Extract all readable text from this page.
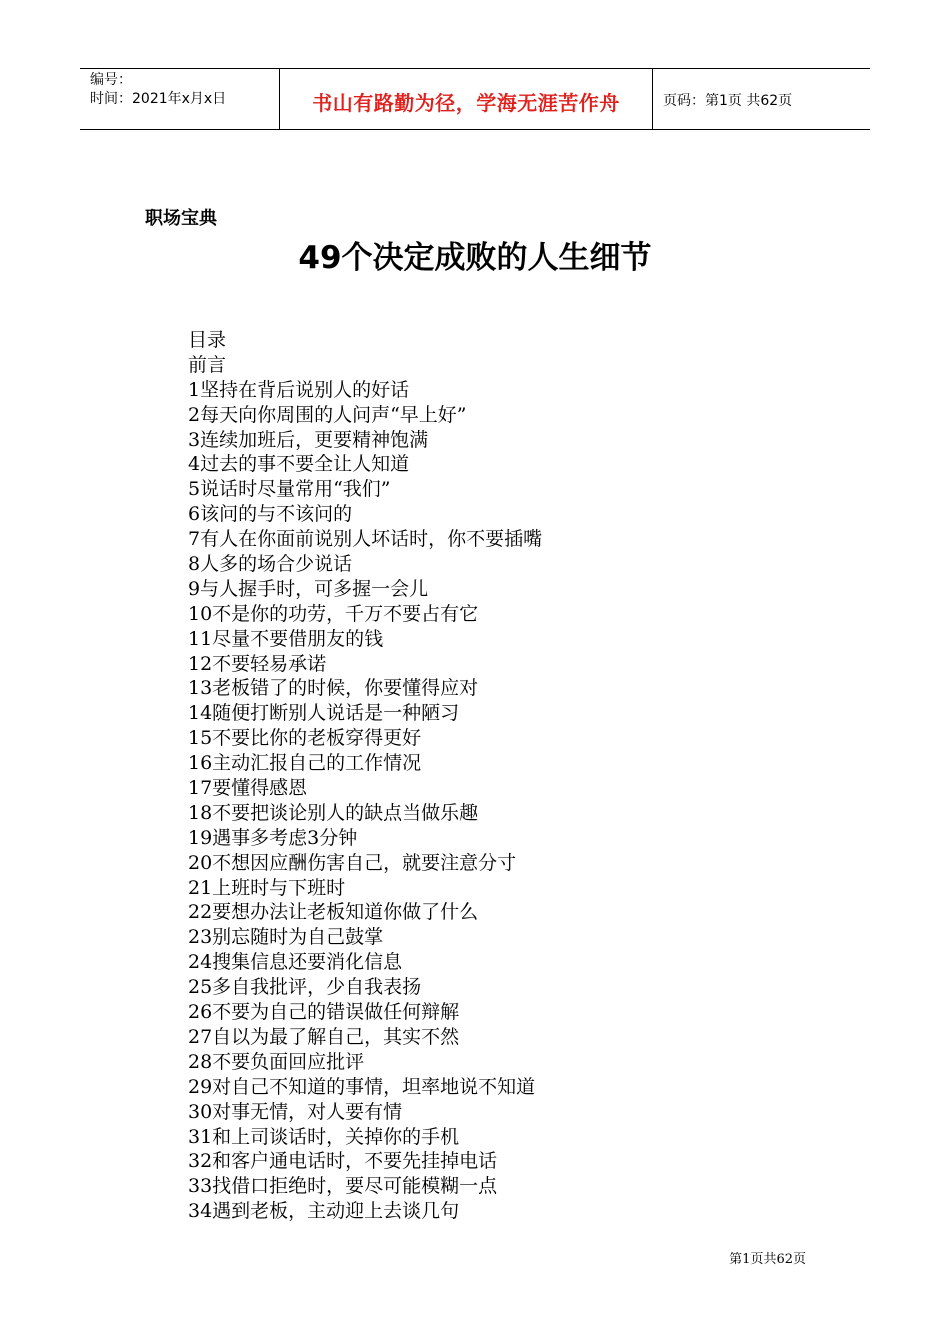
编号：
时间：2021年x月x日	书山有路勤为径，学海无涯苦作舟	页码：第1页 共62页
职场宝典
49个决定成败的人生细节
目录
前言
1坚持在背后说别人的好话
2每天向你周围的人问声“早上好”
3连续加班后，更要精神饱满
4过去的事不要全让人知道
5说话时尽量常用“我们”
6该问的与不该问的
7有人在你面前说别人坏话时，你不要插嘴
8人多的场合少说话
9与人握手时，可多握一会儿
10不是你的功劳，千万不要占有它
11尽量不要借朋友的钱
12不要轻易承诺
13老板错了的时候，你要懂得应对
14随便打断别人说话是一种陋习
15不要比你的老板穿得更好
16主动汇报自己的工作情况
17要懂得感恩
18不要把谈论别人的缺点当做乐趣
19遇事多考虑3分钟
20不想因应酬伤害自己，就要注意分寸
21上班时与下班时
22要想办法让老板知道你做了什么
23别忘随时为自己鼓掌
24搜集信息还要消化信息
25多自我批评，少自我表扬
26不要为自己的错误做任何辩解
27自以为最了解自己，其实不然
28不要负面回应批评
29对自己不知道的事情，坦率地说不知道
30对事无情，对人要有情
31和上司谈话时，关掉你的手机
32和客户通电话时，不要先挂掉电话
33找借口拒绝时，要尽可能模糊一点
34遇到老板，主动迎上去谈几句
第1页共62页
